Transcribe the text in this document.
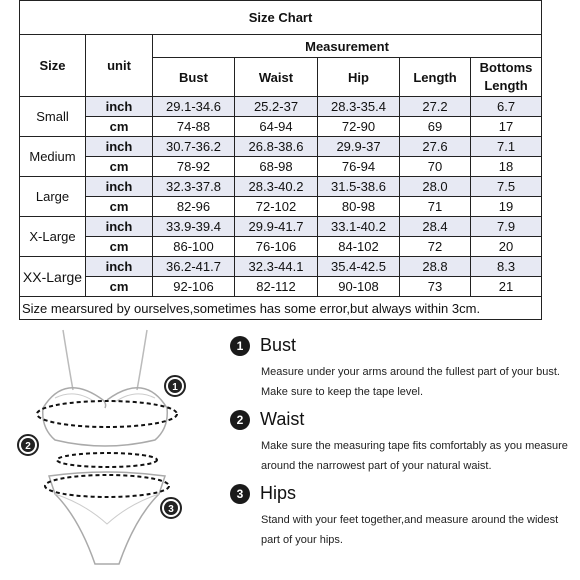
Size Chart						
Size	unit	Measurement				
		Bust	Waist	Hip	Length	Bottoms
Length
Small	inch	29.1-34.6	25.2-37	28.3-35.4	27.2	6.7
	cm	74-88	64-94	72-90	69	17
Medium	inch	30.7-36.2	26.8-38.6	29.9-37	27.6	7.1
	cm	78-92	68-98	76-94	70	18
Large	inch	32.3-37.8	28.3-40.2	31.5-38.6	28.0	7.5
	cm	82-96	72-102	80-98	71	19
X-Large	inch	33.9-39.4	29.9-41.7	33.1-40.2	28.4	7.9
	cm	86-100	76-106	84-102	72	20
XX-Large	inch	36.2-41.7	32.3-44.1	35.4-42.5	28.8	8.3
	cm	92-106	82-112	90-108	73	21
Size mearsured by ourselves,sometimes has some error,but always within 3cm.						
1
2
3
1 Bust
Measure under your arms around the fullest part of your bust.
Make sure to keep the tape level.
2 Waist
Make sure the measuring tape fits comfortably as you measure
around the narrowest part of your natural waist.
3 Hips
Stand with your feet together,and measure around the widest
part of your hips.
